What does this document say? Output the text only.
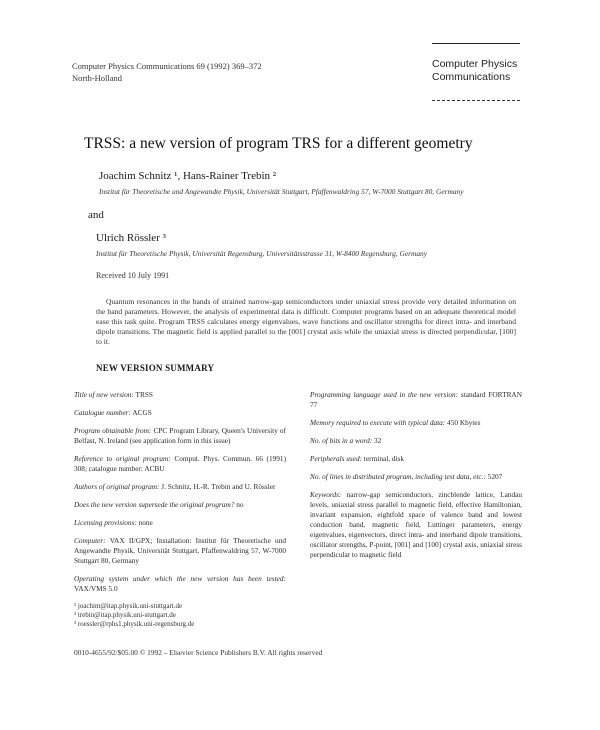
Computer Physics Communications 69 (1992) 369–372
North-Holland
Computer Physics
Communications
TRSS: a new version of program TRS for a different geometry
Joachim Schnitz ¹, Hans-Rainer Trebin ²
Institut für Theoretische und Angewandte Physik, Universität Stuttgart, Pfaffenwaldring 57, W-7000 Stuttgart 80, Germany
and
Ulrich Rössler ³
Institut für Theoretische Physik, Universität Regensburg, Universitätsstrasse 31, W-8400 Regensburg, Germany
Received 10 July 1991
Quantum resonances in the bands of strained narrow-gap semiconductors under uniaxial stress provide very detailed information on the band parameters. However, the analysis of experimental data is difficult. Computer programs based on an adequate theoretical model ease this task quite. Program TRSS calculates energy eigenvalues, wave functions and oscillator strengths for direct intra- and interband dipole transitions. The magnetic field is applied parallel to the [001] crystal axis while the uniaxial stress is directed perpendicular, [100] to it.
NEW VERSION SUMMARY
Title of new version: TRSS
Catalogue number: ACGS
Program obtainable from: CPC Program Library, Queen's University of Belfast, N. Ireland (see application form in this issue)
Reference to original program: Comput. Phys. Commun. 66 (1991) 308; catalogue number: ACBU
Authors of original program: J. Schnitz, H.-R. Trebin and U. Rössler
Does the new version supersede the original program? no
Licensing provisions: none
Computer: VAX II/GPX; Installation: Institut für Theoretische und Angewandte Physik, Universität Stuttgart, Pfaffenwaldring 57, W-7000 Stuttgart 80, Germany
Operating system under which the new version has been tested: VAX/VMS 5.0
¹ joachim@itap.physik.uni-stuttgart.de
² trebin@itap.physik.uni-stuttgart.de
³ roessler@rphs1.physik.uni-regensburg.de
Programming language used in the new version: standard FORTRAN 77
Memory required to execute with typical data: 450 Kbytes
No. of bits in a word: 32
Peripherals used: terminal, disk
No. of lines in distributed program, including test data, etc.: 5207
Keywords: narrow-gap semiconductors, zincblende lattice, Landau levels, uniaxial stress parallel to magnetic field, effective Hamiltonian, invariant expansion, eightfold space of valence band and lowest conduction band, magnetic field, Luttinger parameters, energy eigenvalues, eigenvectors, direct intra- and interband dipole transitions, oscillator strengths, P-point, [001] and [100] crystal axis, uniaxial stress perpendicular to magnetic field
0010-4655/92/$05.00 © 1992 – Elsevier Science Publishers B.V. All rights reserved
